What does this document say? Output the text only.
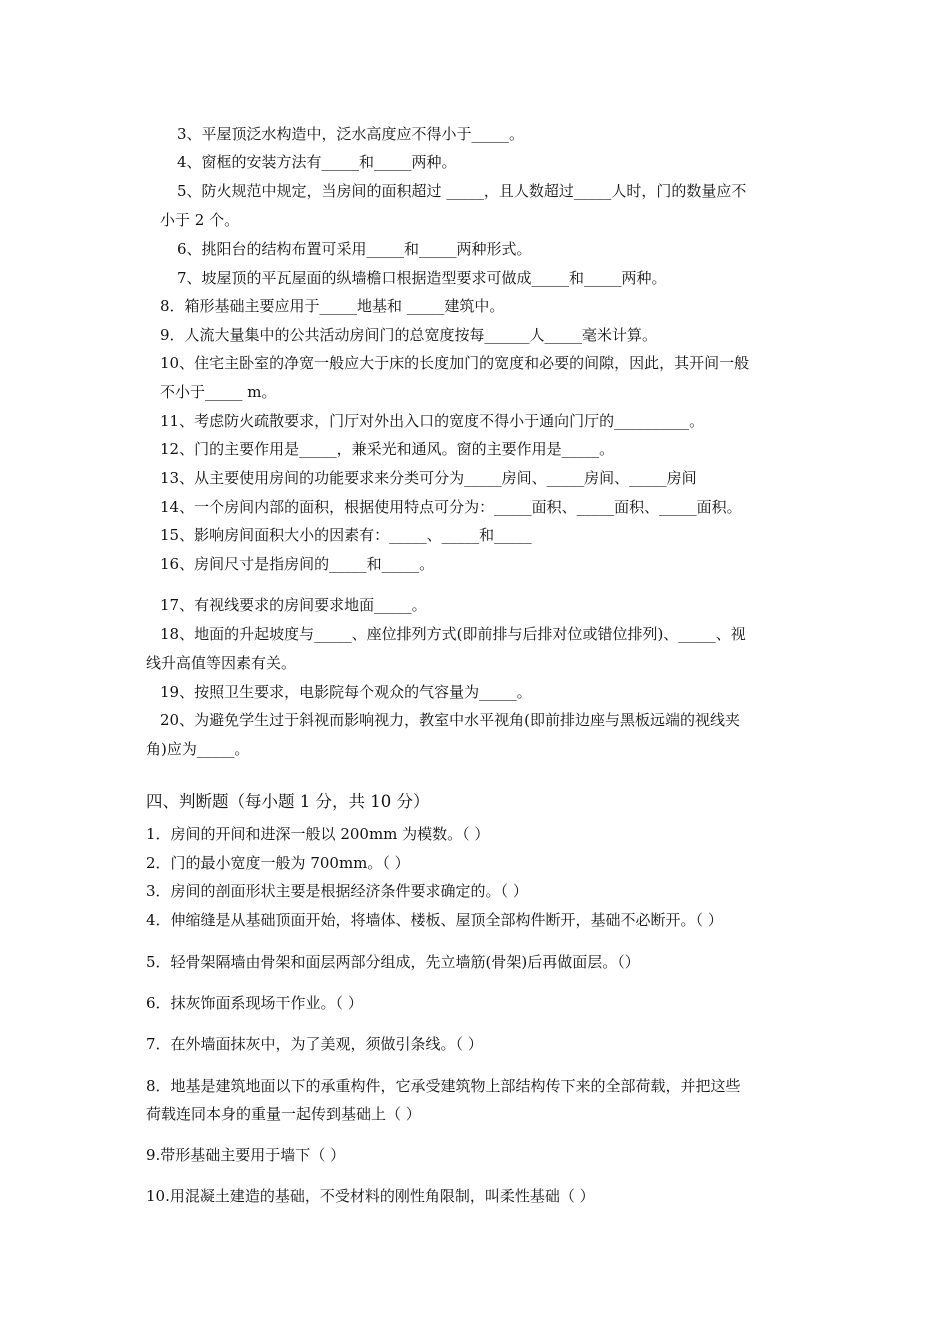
3、平屋顶泛水构造中，泛水高度应不得小于_____。
4、窗框的安装方法有_____和_____两种。
5、防火规范中规定，当房间的面积超过 _____，且人数超过_____人时，门的数量应不
小于 2 个。
6、挑阳台的结构布置可采用_____和_____两种形式。
7、坡屋顶的平瓦屋面的纵墙檐口根据造型要求可做成_____和_____两种。
8．箱形基础主要应用于_____地基和 _____建筑中。
9．人流大量集中的公共活动房间门的总宽度按每______人_____毫米计算。
10、住宅主卧室的净宽一般应大于床的长度加门的宽度和必要的间隙，因此，其开间一般
不小于_____ m。
11、考虑防火疏散要求，门厅对外出入口的宽度不得小于通向门厅的__________。
12、门的主要作用是_____，兼采光和通风。窗的主要作用是_____。
13、从主要使用房间的功能要求来分类可分为_____房间、_____房间、_____房间
14、一个房间内部的面积，根据使用特点可分为：_____面积、_____面积、_____面积。
15、影响房间面积大小的因素有：_____、_____和_____
16、房间尺寸是指房间的_____和_____。
17、有视线要求的房间要求地面_____。
18、地面的升起坡度与_____、座位排列方式(即前排与后排对位或错位排列)、_____、视
线升高值等因素有关。
19、按照卫生要求，电影院每个观众的气容量为_____。
20、为避免学生过于斜视而影响视力，教室中水平视角(即前排边座与黑板远端的视线夹
角)应为_____。
四、判断题（每小题 1 分，共 10 分）
1．房间的开间和进深一般以 200mm 为模数。（ ）
2．门的最小宽度一般为 700mm。（ ）
3．房间的剖面形状主要是根据经济条件要求确定的。（ ）
4．伸缩缝是从基础顶面开始，将墙体、楼板、屋顶全部构件断开，基础不必断开。（ ）
5．轻骨架隔墙由骨架和面层两部分组成，先立墙筋(骨架)后再做面层。（）
6．抹灰饰面系现场干作业。（ ）
7．在外墙面抹灰中，为了美观，须做引条线。（ ）
8．地基是建筑地面以下的承重构件，它承受建筑物上部结构传下来的全部荷载，并把这些
荷载连同本身的重量一起传到基础上（ ）
9.带形基础主要用于墙下（ ）
10.用混凝土建造的基础，不受材料的刚性角限制，叫柔性基础（ ）
